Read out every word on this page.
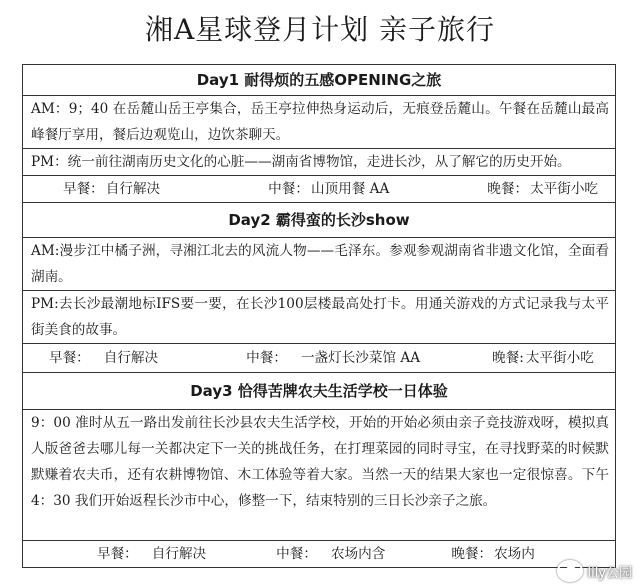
湘A星球登月计划 亲子旅行
Day1 耐得烦的五感OPENING之旅
AM：9；40 在岳麓山岳王亭集合，岳王亭拉伸热身运动后，无痕登岳麓山。午餐在岳麓山最高峰餐厅享用，餐后边观览山，边饮茶聊天。
PM：统一前往湖南历史文化的心脏——湖南省博物馆，走进长沙，从了解它的历史开始。
早餐： 自行解决	中餐： 山顶用餐 AA	晚餐： 太平街小吃
Day2 霸得蛮的长沙show
AM:漫步江中橘子洲，寻湘江北去的风流人物——毛泽东。参观参观湖南省非遗文化馆，全面看湖南。
PM:去长沙最潮地标IFS要一要，在长沙100层楼最高处打卡。用通关游戏的方式记录我与太平街美食的故事。
早餐： 自行解决	中餐： 一盏灯长沙菜馆 AA	晚餐: 太平街小吃
Day3 恰得苦牌农夫生活学校一日体验
9：00 准时从五一路出发前往长沙县农夫生活学校，开始的开始必须由亲子竞技游戏呀，模拟真人版爸爸去哪儿每一关都决定下一关的挑战任务，在打理菜园的同时寻宝，在寻找野菜的时候默默赚着农夫币，还有农耕博物馆、木工体验等着大家。当然一天的结果大家也一定很惊喜。下午4：30 我们开始返程长沙市中心，修整一下，结束特别的三日长沙亲子之旅。
早餐： 自行解决	中餐： 农场内含	晚餐： 农场内
lily公园
